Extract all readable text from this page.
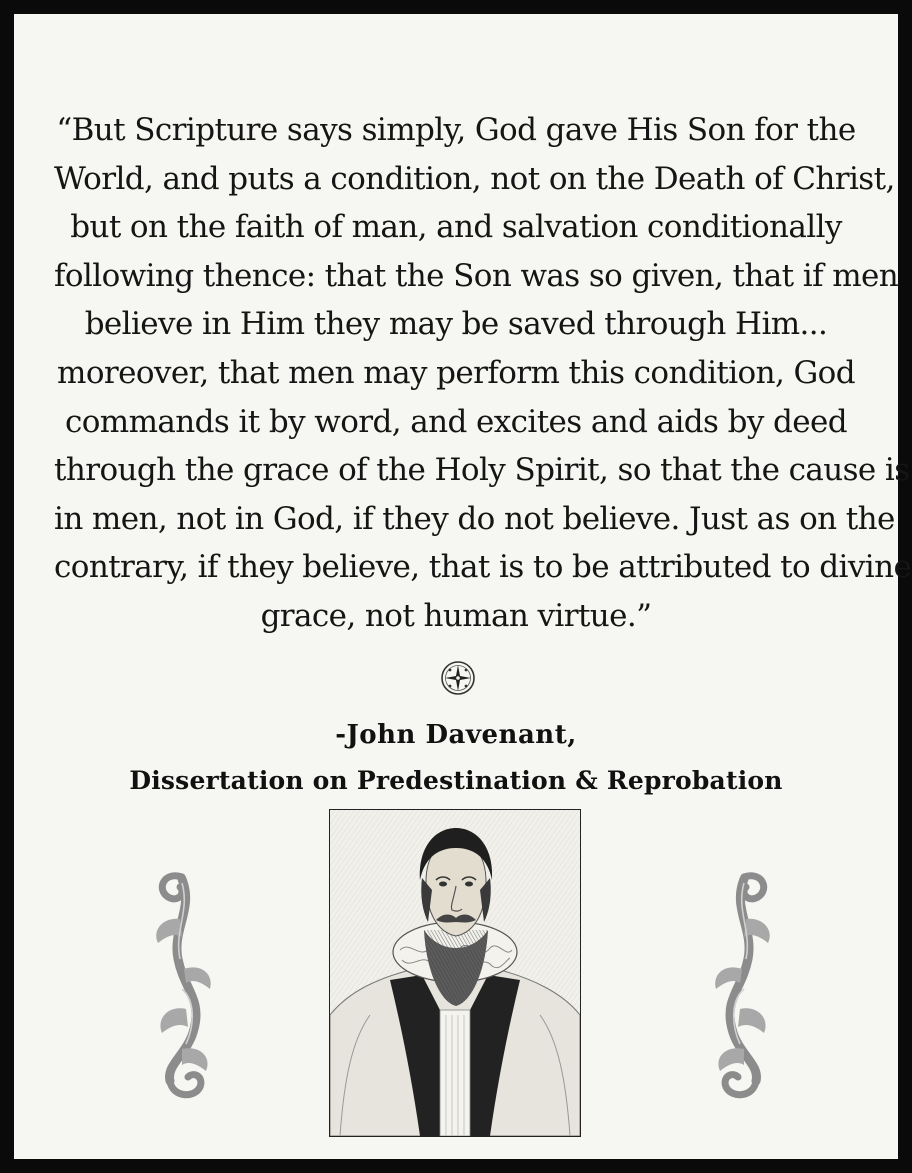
“But Scripture says simply, God gave His Son for the
World, and puts a condition, not on the Death of Christ,
but on the faith of man, and salvation conditionally
following thence: that the Son was so given, that if men
believe in Him they may be saved through Him...
moreover, that men may perform this condition, God
commands it by word, and excites and aids by deed
through the grace of the Holy Spirit, so that the cause is
in men, not in God, if they do not believe. Just as on the
contrary, if they believe, that is to be attributed to divine
grace, not human virtue.”
-John Davenant,
Dissertation on Predestination & Reprobation
